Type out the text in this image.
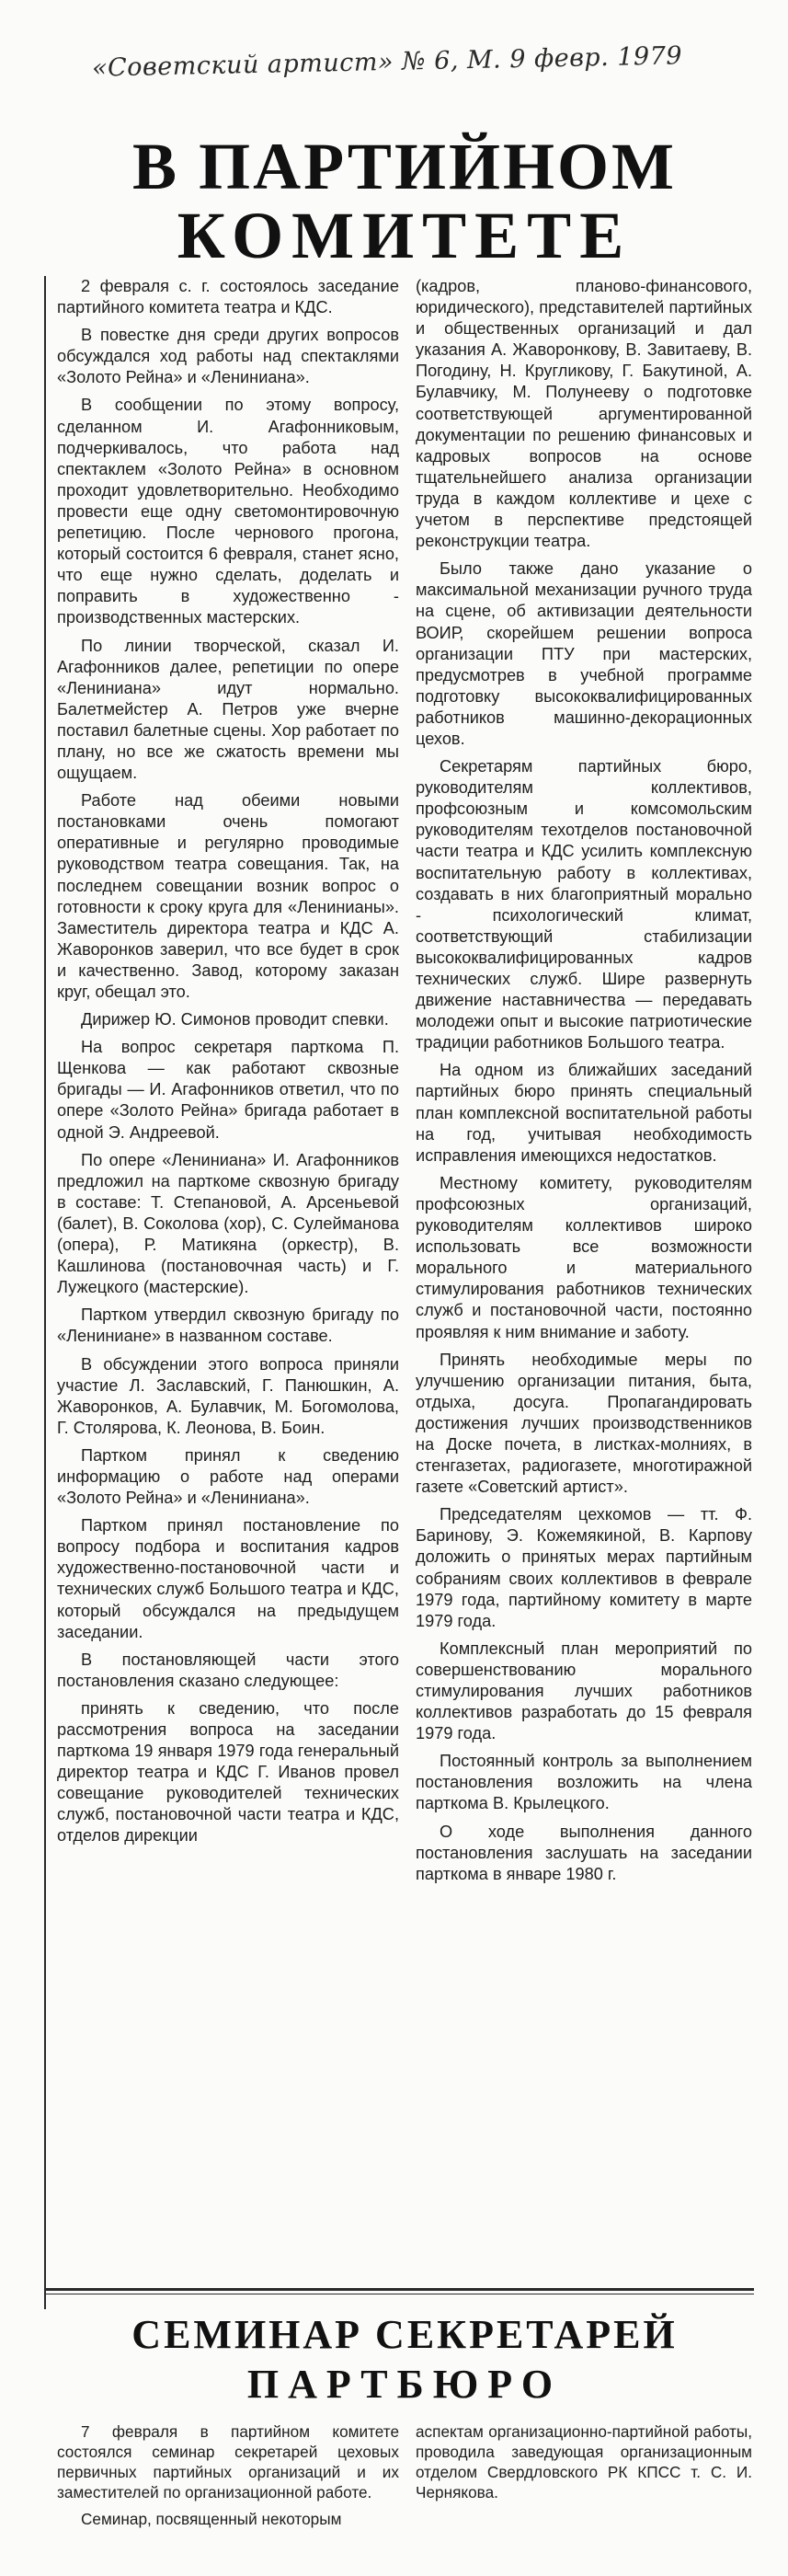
«Советский артист» № 6, М. 9 февр. 1979
В ПАРТИЙНОМ
КОМИТЕТЕ

2 февраля с. г. состоялось заседание партийного комитета театра и КДС.

В повестке дня среди других вопросов обсуждался ход работы над спектаклями «Золото Рейна» и «Лениниана».

В сообщении по этому вопросу, сделанном И. Агафонниковым, подчеркивалось, что работа над спектаклем «Золото Рейна» в основном проходит удовлетворительно. Необходимо провести еще одну светомонтировочную репетицию. После чернового прогона, который состоится 6 февраля, станет ясно, что еще нужно сделать, доделать и поправить в художественно - производственных мастерских.

По линии творческой, сказал И. Агафонников далее, репетиции по опере «Лениниана» идут нормально. Балетмейстер А. Петров уже вчерне поставил балетные сцены. Хор работает по плану, но все же сжатость времени мы ощущаем.

Работе над обеими новыми постановками очень помогают оперативные и регулярно проводимые руководством театра совещания. Так, на последнем совещании возник вопрос о готовности к сроку круга для «Ленинианы». Заместитель директора театра и КДС А. Жаворонков заверил, что все будет в срок и качественно. Завод, которому заказан круг, обещал это.

Дирижер Ю. Симонов проводит спевки.

На вопрос секретаря парткома П. Щенкова — как работают сквозные бригады — И. Агафонников ответил, что по опере «Золото Рейна» бригада работает в одной Э. Андреевой.

По опере «Лениниана» И. Агафонников предложил на парткоме сквозную бригаду в составе: Т. Степановой, А. Арсеньевой (балет), В. Соколова (хор), С. Сулейманова (опера), Р. Матикяна (оркестр), В. Кашлинова (постановочная часть) и Г. Лужецкого (мастерские).

Партком утвердил сквозную бригаду по «Лениниане» в названном составе.

В обсуждении этого вопроса приняли участие Л. Заславский, Г. Панюшкин, А. Жаворонков, А. Булавчик, М. Богомолова, Г. Столярова, К. Леонова, В. Боин.

Партком принял к сведению информацию о работе над операми «Золото Рейна» и «Лениниана».

Партком принял постановление по вопросу подбора и воспитания кадров художественно-постановочной части и технических служб Большого театра и КДС, который обсуждался на предыдущем заседании.

В постановляющей части этого постановления сказано следующее:

принять к сведению, что после рассмотрения вопроса на заседании парткома 19 января 1979 года генеральный директор театра и КДС Г. Иванов провел совещание руководителей технических служб, постановочной части театра и КДС, отделов дирекции

(кадров, планово-финансового, юридического), представителей партийных и общественных организаций и дал указания А. Жаворонкову, В. Завитаеву, В. Погодину, Н. Кругликову, Г. Бакутиной, А. Булавчику, М. Полунееву о подготовке соответствующей аргументированной документации по решению финансовых и кадровых вопросов на основе тщательнейшего анализа организации труда в каждом коллективе и цехе с учетом в перспективе предстоящей реконструкции театра.

Было также дано указание о максимальной механизации ручного труда на сцене, об активизации деятельности ВОИР, скорейшем решении вопроса организации ПТУ при мастерских, предусмотрев в учебной программе подготовку высококвалифицированных работников машинно-декорационных цехов.

Секретарям партийных бюро, руководителям коллективов, профсоюзным и комсомольским руководителям техотделов постановочной части театра и КДС усилить комплексную воспитательную работу в коллективах, создавать в них благоприятный морально - психологический климат, соответствующий стабилизации высококвалифицированных кадров технических служб. Шире развернуть движение наставничества — передавать молодежи опыт и высокие патриотические традиции работников Большого театра.

На одном из ближайших заседаний партийных бюро принять специальный план комплексной воспитательной работы на год, учитывая необходимость исправления имеющихся недостатков.

Местному комитету, руководителям профсоюзных организаций, руководителям коллективов широко использовать все возможности морального и материального стимулирования работников технических служб и постановочной части, постоянно проявляя к ним внимание и заботу.

Принять необходимые меры по улучшению организации питания, быта, отдыха, досуга. Пропагандировать достижения лучших производственников на Доске почета, в листках-молниях, в стенгазетах, радиогазете, многотиражной газете «Советский артист».

Председателям цехкомов — тт. Ф. Баринову, Э. Кожемякиной, В. Карпову доложить о принятых мерах партийным собраниям своих коллективов в феврале 1979 года, партийному комитету в марте 1979 года.

Комплексный план мероприятий по совершенствованию морального стимулирования лучших работников коллективов разработать до 15 февраля 1979 года.

Постоянный контроль за выполнением постановления возложить на члена парткома В. Крылецкого.

О ходе выполнения данного постановления заслушать на заседании парткома в январе 1980 г.

СЕМИНАР СЕКРЕТАРЕЙ
ПАРТБЮРО

7 февраля в партийном комитете состоялся семинар секретарей цеховых первичных партийных организаций и их заместителей по организационной работе.

Семинар, посвященный некоторым

аспектам организационно-партийной работы, проводила заведующая организационным отделом Свердловского РК КПСС т. С. И. Чернякова.
